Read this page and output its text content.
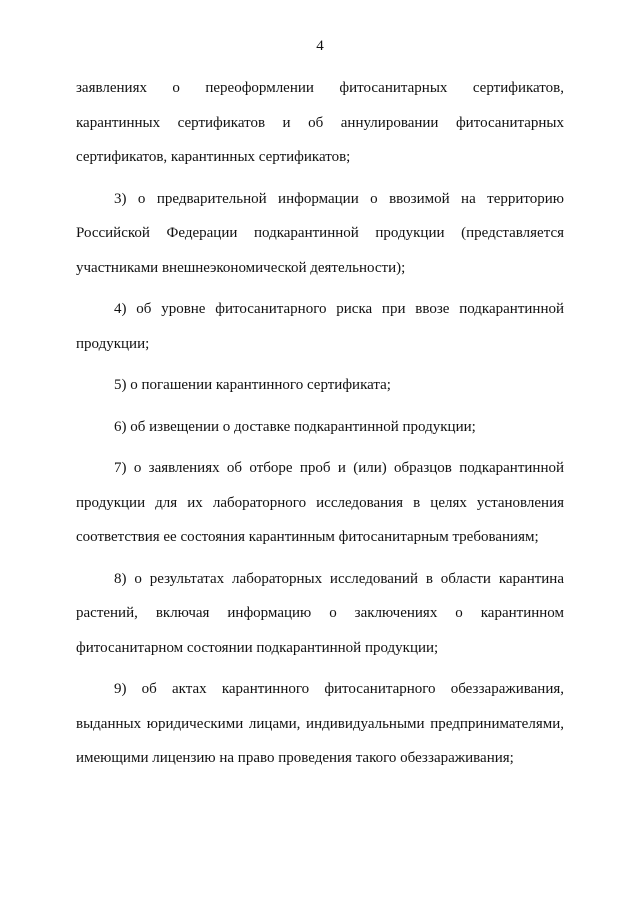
4

заявлениях о переоформлении фитосанитарных сертификатов, карантинных сертификатов и об аннулировании фитосанитарных сертификатов, карантинных сертификатов;

3) о предварительной информации о ввозимой на территорию Российской Федерации подкарантинной продукции (представляется участниками внешнеэкономической деятельности);

4) об уровне фитосанитарного риска при ввозе подкарантинной продукции;

5) о погашении карантинного сертификата;

6) об извещении о доставке подкарантинной продукции;

7) о заявлениях об отборе проб и (или) образцов подкарантинной продукции для их лабораторного исследования в целях установления соответствия ее состояния карантинным фитосанитарным требованиям;

8) о результатах лабораторных исследований в области карантина растений, включая информацию о заключениях о карантинном фитосанитарном состоянии подкарантинной продукции;

9) об актах карантинного фитосанитарного обеззараживания, выданных юридическими лицами, индивидуальными предпринимателями, имеющими лицензию на право проведения такого обеззараживания;
